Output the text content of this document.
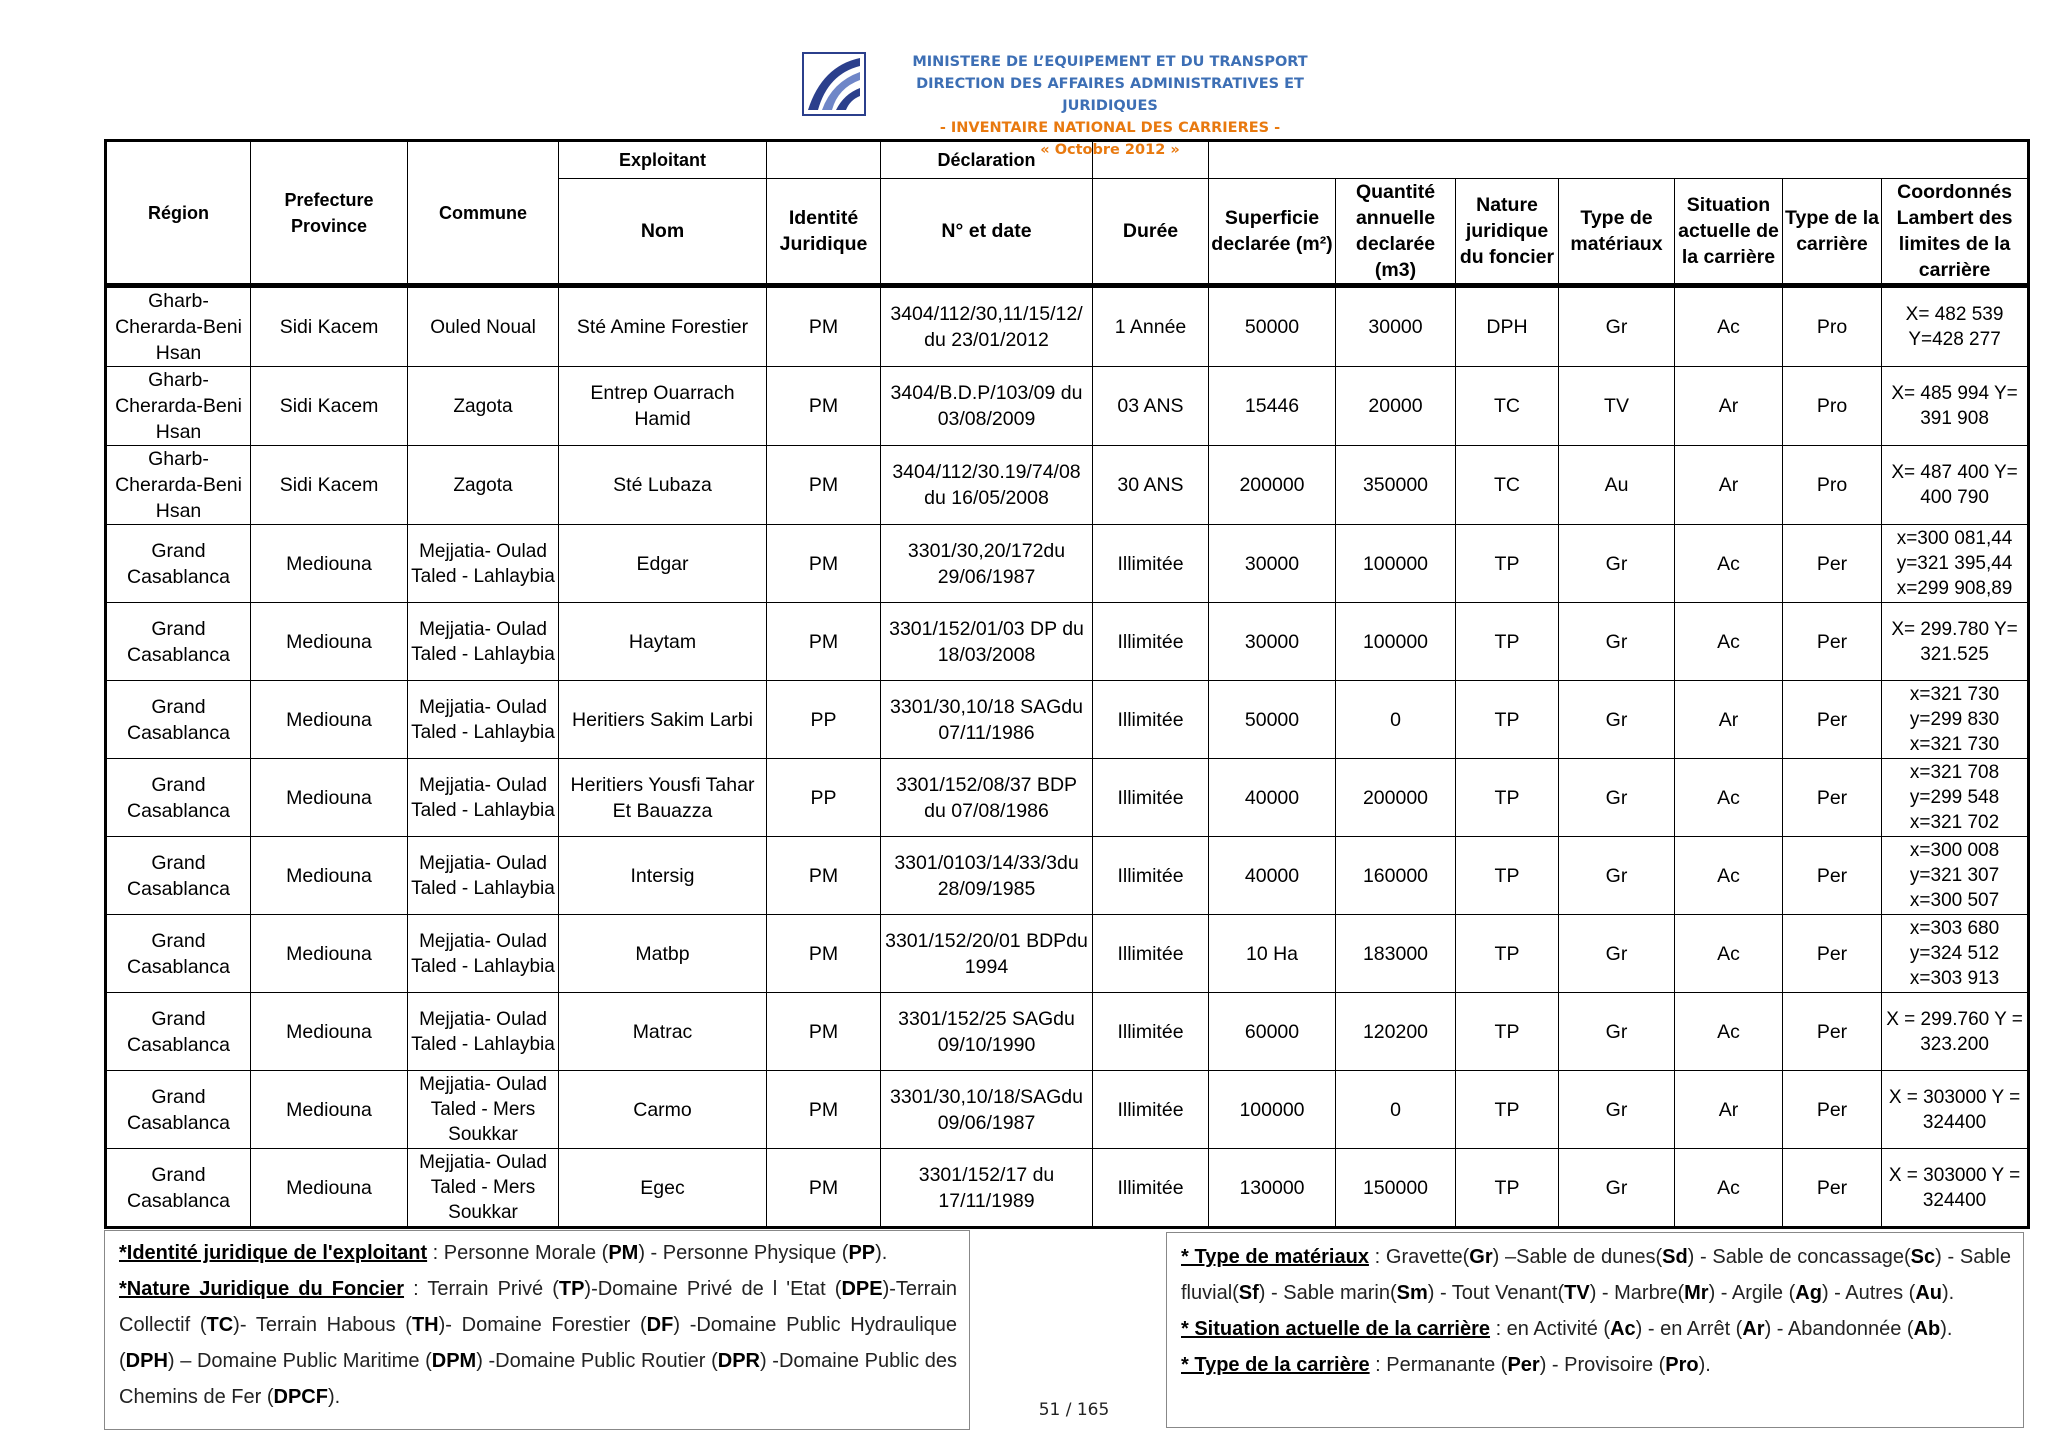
MINISTERE DE L’EQUIPEMENT ET DU TRANSPORT
DIRECTION DES AFFAIRES ADMINISTRATIVES ET JURIDIQUES
- INVENTAIRE NATIONAL DES CARRIERES -
« Octobre 2012 »
Région	Prefecture Province	Commune	Exploitant		Déclaration								
			Nom	Identité Juridique	N° et date	Durée	Superficie declarée (m²)	Quantité annuelle declarée (m3)	Nature juridique du foncier	Type de matériaux	Situation actuelle de la carrière	Type de la carrière	Coordonnés Lambert des limites de la carrière
Gharb-Cherarda-Beni Hsan	Sidi Kacem	Ouled Noual	Sté Amine Forestier	PM	3404/112/30,11/15/12/ du 23/01/2012	1 Année	50000	30000	DPH	Gr	Ac	Pro	X= 482 539 Y=428 277
Gharb-Cherarda-Beni Hsan	Sidi Kacem	Zagota	Entrep Ouarrach Hamid	PM	3404/B.D.P/103/09 du 03/08/2009	03 ANS	15446	20000	TC	TV	Ar	Pro	X= 485 994 Y= 391 908
Gharb-Cherarda-Beni Hsan	Sidi Kacem	Zagota	Sté Lubaza	PM	3404/112/30.19/74/08 du 16/05/2008	30 ANS	200000	350000	TC	Au	Ar	Pro	X= 487 400 Y= 400 790
Grand Casablanca	Mediouna	Mejjatia- Oulad Taled - Lahlaybia	Edgar	PM	3301/30,20/172du 29/06/1987	Illimitée	30000	100000	TP	Gr	Ac	Per	x=300 081,44 y=321 395,44 x=299 908,89
Grand Casablanca	Mediouna	Mejjatia- Oulad Taled - Lahlaybia	Haytam	PM	3301/152/01/03 DP du 18/03/2008	Illimitée	30000	100000	TP	Gr	Ac	Per	X= 299.780 Y= 321.525
Grand Casablanca	Mediouna	Mejjatia- Oulad Taled - Lahlaybia	Heritiers Sakim Larbi	PP	3301/30,10/18 SAGdu 07/11/1986	Illimitée	50000	0	TP	Gr	Ar	Per	x=321 730 y=299 830 x=321 730
Grand Casablanca	Mediouna	Mejjatia- Oulad Taled - Lahlaybia	Heritiers Yousfi Tahar Et Bauazza	PP	3301/152/08/37 BDP du 07/08/1986	Illimitée	40000	200000	TP	Gr	Ac	Per	x=321 708 y=299 548 x=321 702
Grand Casablanca	Mediouna	Mejjatia- Oulad Taled - Lahlaybia	Intersig	PM	3301/0103/14/33/3du 28/09/1985	Illimitée	40000	160000	TP	Gr	Ac	Per	x=300 008 y=321 307 x=300 507
Grand Casablanca	Mediouna	Mejjatia- Oulad Taled - Lahlaybia	Matbp	PM	3301/152/20/01 BDPdu 1994	Illimitée	10 Ha	183000	TP	Gr	Ac	Per	x=303 680 y=324 512 x=303 913
Grand Casablanca	Mediouna	Mejjatia- Oulad Taled - Lahlaybia	Matrac	PM	3301/152/25 SAGdu 09/10/1990	Illimitée	60000	120200	TP	Gr	Ac	Per	X = 299.760 Y = 323.200
Grand Casablanca	Mediouna	Mejjatia- Oulad Taled - Mers Soukkar	Carmo	PM	3301/30,10/18/SAGdu 09/06/1987	Illimitée	100000	0	TP	Gr	Ar	Per	X = 303000 Y = 324400
Grand Casablanca	Mediouna	Mejjatia- Oulad Taled - Mers Soukkar	Egec	PM	3301/152/17 du 17/11/1989	Illimitée	130000	150000	TP	Gr	Ac	Per	X = 303000 Y = 324400
*Identité juridique de l'exploitant : Personne Morale (PM) - Personne Physique (PP).
*Nature Juridique du Foncier : Terrain Privé (TP)-Domaine Privé de l 'Etat (DPE)-Terrain Collectif (TC)- Terrain Habous (TH)- Domaine Forestier (DF) -Domaine Public Hydraulique (DPH) – Domaine Public Maritime (DPM) -Domaine Public Routier (DPR) -Domaine Public des Chemins de Fer (DPCF).
* Type de matériaux : Gravette(Gr) –Sable de dunes(Sd) - Sable de concassage(Sc) - Sable fluvial(Sf) - Sable marin(Sm) - Tout Venant(TV) - Marbre(Mr) - Argile (Ag) - Autres (Au).
* Situation actuelle de la carrière : en Activité (Ac) - en Arrêt (Ar) - Abandonnée (Ab).
* Type de la carrière : Permanante (Per) - Provisoire (Pro).
51 / 165
